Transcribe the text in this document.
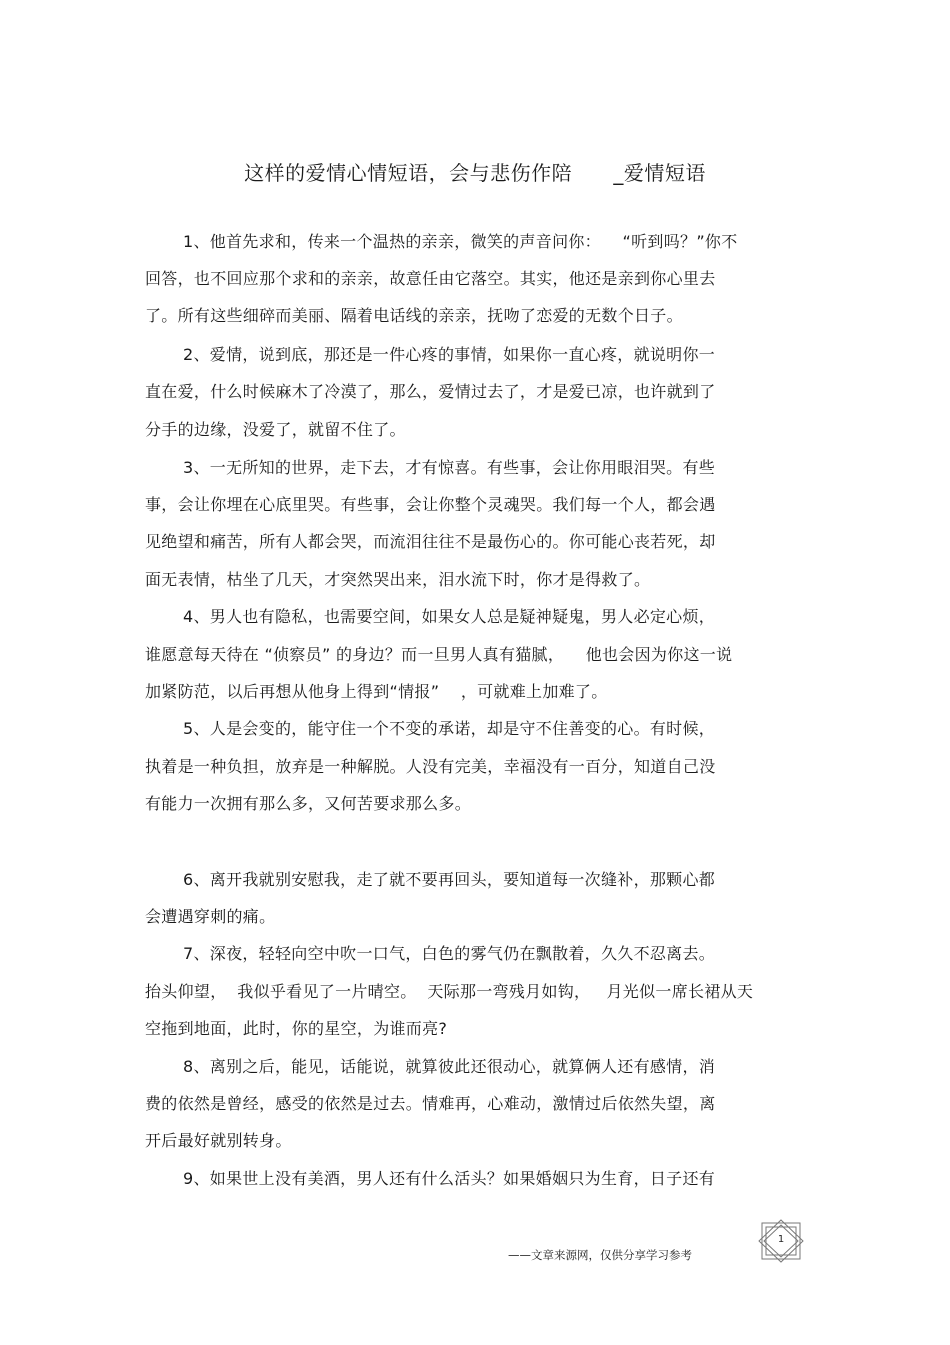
这样的爱情心情短语，会与悲伤作陪      _爱情短语
1、他首先求和，传来一个温热的亲亲，微笑的声音问你：    “听到吗？”你不
回答，也不回应那个求和的亲亲，故意任由它落空。其实，他还是亲到你心里去
了。所有这些细碎而美丽、隔着电话线的亲亲，抚吻了恋爱的无数个日子。
2、爱情，说到底，那还是一件心疼的事情，如果你一直心疼，就说明你一
直在爱，什么时候麻木了冷漠了，那么，爱情过去了，才是爱已凉，也许就到了
分手的边缘，没爱了，就留不住了。
3、一无所知的世界，走下去，才有惊喜。有些事，会让你用眼泪哭。有些
事，会让你埋在心底里哭。有些事，会让你整个灵魂哭。我们每一个人，都会遇
见绝望和痛苦，所有人都会哭，而流泪往往不是最伤心的。你可能心丧若死，却
面无表情，枯坐了几天，才突然哭出来，泪水流下时，你才是得救了。
4、男人也有隐私，也需要空间，如果女人总是疑神疑鬼，男人必定心烦，
谁愿意每天待在 “侦察员” 的身边？而一旦男人真有猫腻，    他也会因为你这一说
加紧防范，以后再想从他身上得到“情报”    ，可就难上加难了。
5、人是会变的，能守住一个不变的承诺，却是守不住善变的心。有时候，
执着是一种负担，放弃是一种解脱。人没有完美，幸福没有一百分，知道自己没
有能力一次拥有那么多，又何苦要求那么多。
6、离开我就别安慰我，走了就不要再回头，要知道每一次缝补，那颗心都
会遭遇穿刺的痛。
7、深夜，轻轻向空中吹一口气，白色的雾气仍在飘散着，久久不忍离去。
抬头仰望，  我似乎看见了一片晴空。  天际那一弯残月如钩，   月光似一席长裙从天
空拖到地面，此时，你的星空，为谁而亮?
8、离别之后，能见，话能说，就算彼此还很动心，就算俩人还有感情，消
费的依然是曾经，感受的依然是过去。情难再，心难动，激情过后依然失望，离
开后最好就别转身。
9、如果世上没有美酒，男人还有什么活头？如果婚姻只为生育，日子还有
——文章来源网，仅供分享学习参考
1
